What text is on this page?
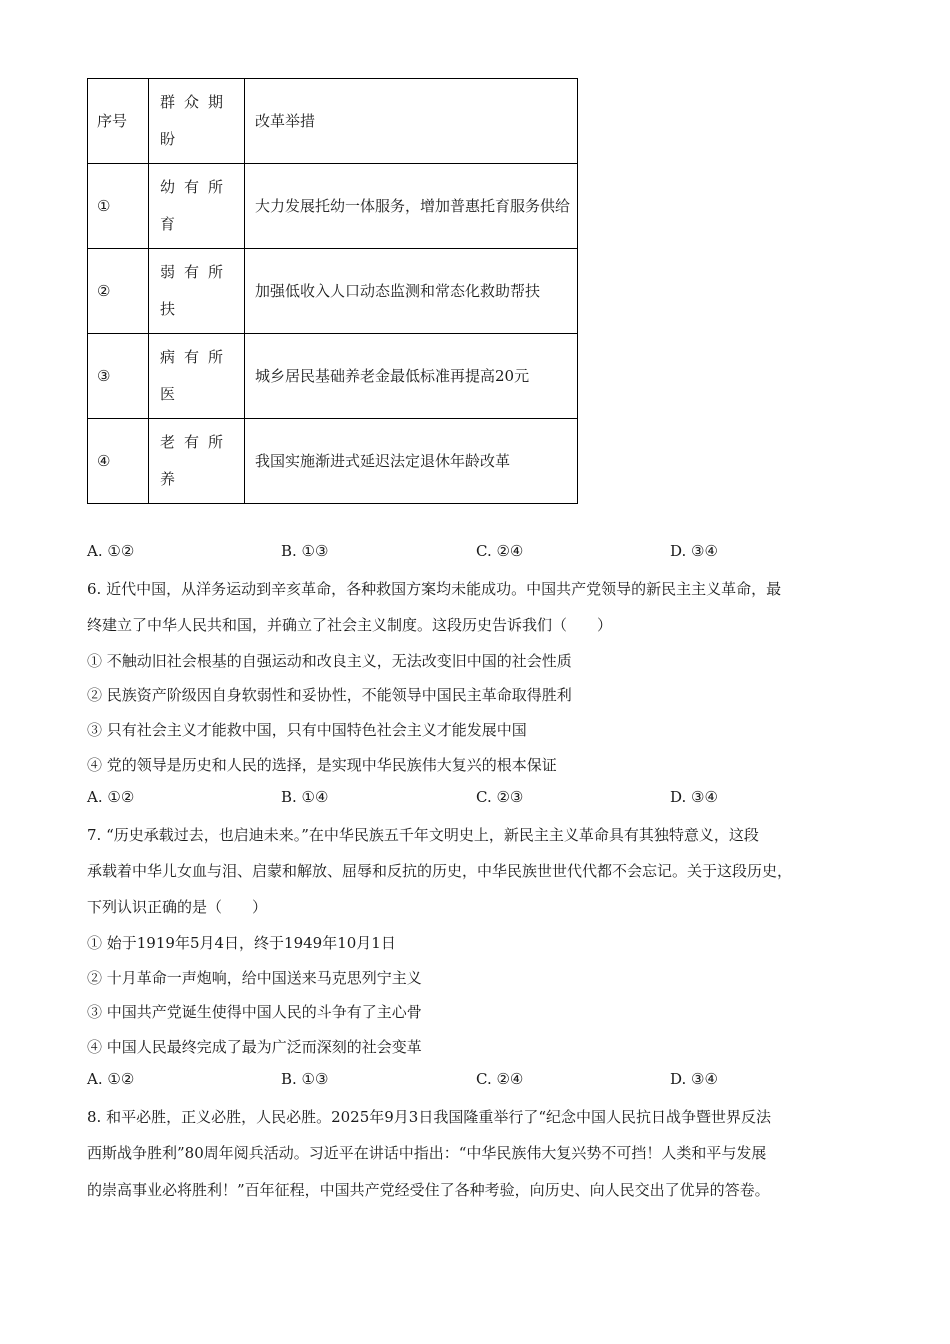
序号	群众期盼	改革举措
①	幼有所育	大力发展托幼一体服务，增加普惠托育服务供给
②	弱有所扶	加强低收入人口动态监测和常态化救助帮扶
③	病有所医	城乡居民基础养老金最低标准再提高20元
④	老有所养	我国实施渐进式延迟法定退休年龄改革
A. ①②	B. ①③	C. ②④	D. ③④
6. 近代中国，从洋务运动到辛亥革命，各种救国方案均未能成功。中国共产党领导的新民主主义革命，最
终建立了中华人民共和国，并确立了社会主义制度。这段历史告诉我们（　　）
① 不触动旧社会根基的自强运动和改良主义，无法改变旧中国的社会性质
② 民族资产阶级因自身软弱性和妥协性，不能领导中国民主革命取得胜利
③ 只有社会主义才能救中国，只有中国特色社会主义才能发展中国
④ 党的领导是历史和人民的选择，是实现中华民族伟大复兴的根本保证
A. ①②	B. ①④	C. ②③	D. ③④
7. “历史承载过去，也启迪未来。”在中华民族五千年文明史上，新民主主义革命具有其独特意义，这段
承载着中华儿女血与泪、启蒙和解放、屈辱和反抗的历史，中华民族世世代代都不会忘记。关于这段历史，
下列认识正确的是（　　）
① 始于1919年5月4日，终于1949年10月1日
② 十月革命一声炮响，给中国送来马克思列宁主义
③ 中国共产党诞生使得中国人民的斗争有了主心骨
④ 中国人民最终完成了最为广泛而深刻的社会变革
A. ①②	B. ①③	C. ②④	D. ③④
8. 和平必胜，正义必胜，人民必胜。2025年9月3日我国隆重举行了“纪念中国人民抗日战争暨世界反法
西斯战争胜利”80周年阅兵活动。习近平在讲话中指出：“中华民族伟大复兴势不可挡！人类和平与发展
的崇高事业必将胜利！”百年征程，中国共产党经受住了各种考验，向历史、向人民交出了优异的答卷。
